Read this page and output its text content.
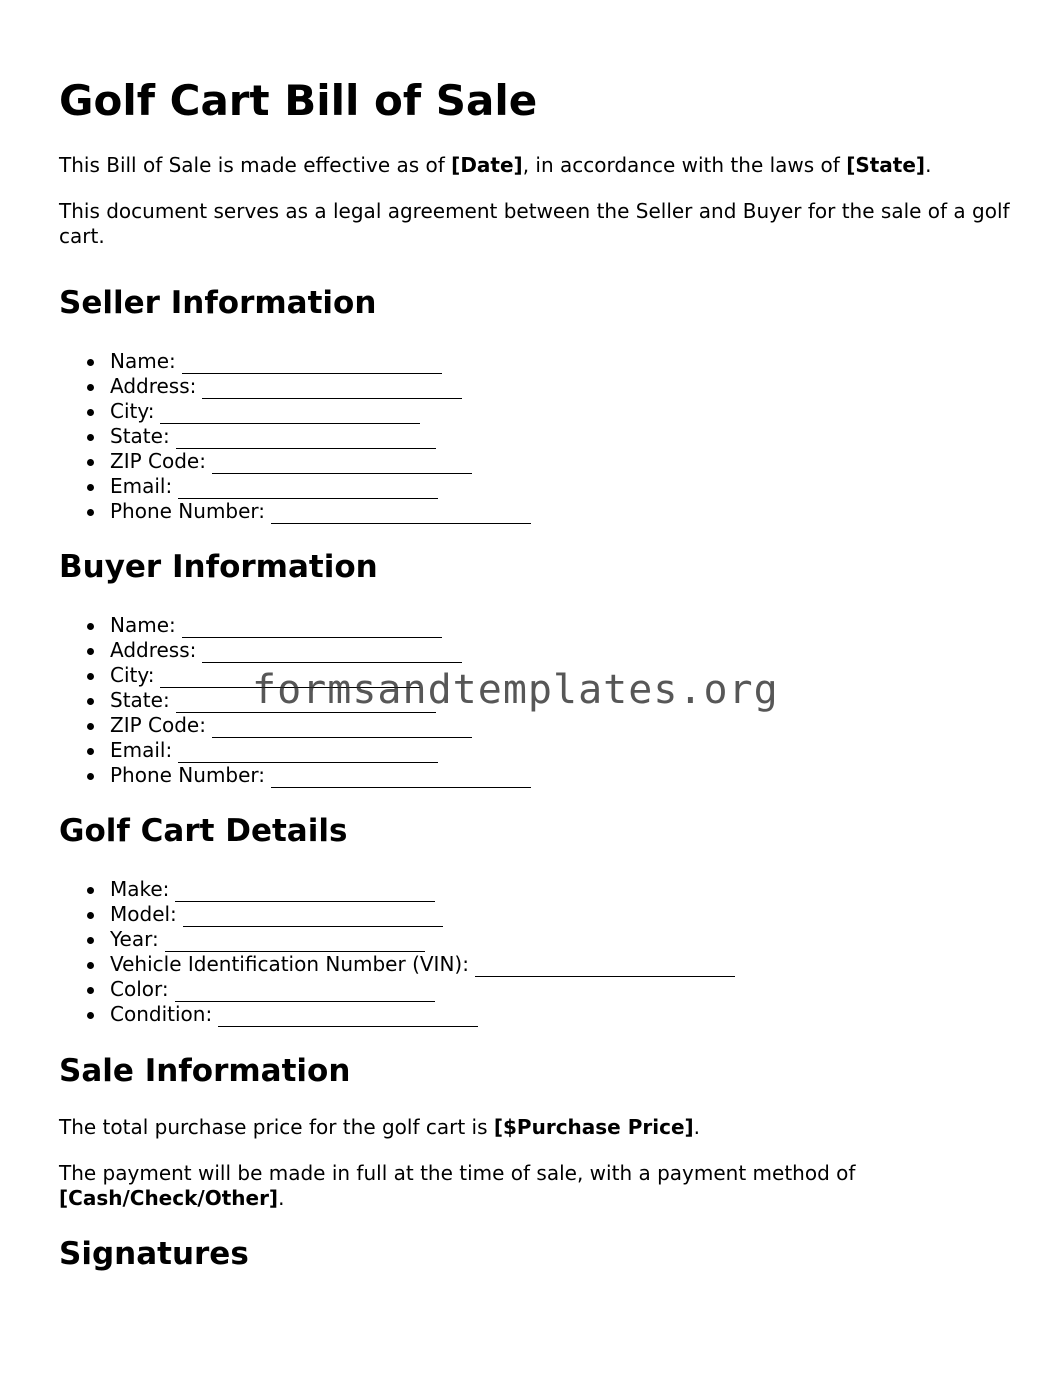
Golf Cart Bill of Sale

This Bill of Sale is made effective as of [Date], in accordance with the laws of [State].

This document serves as a legal agreement between the Seller and Buyer for the sale of a golf cart.

Seller Information
Name:
Address:
City:
State:
ZIP Code:
Email:
Phone Number:
Buyer Information
Name:
Address:
City:
State:
ZIP Code:
Email:
Phone Number:
Golf Cart Details
Make:
Model:
Year:
Vehicle Identification Number (VIN):
Color:
Condition:
Sale Information

The total purchase price for the golf cart is [$Purchase Price].

The payment will be made in full at the time of sale, with a payment method of [Cash/Check/Other].

Signatures
formsandtemplates.org
